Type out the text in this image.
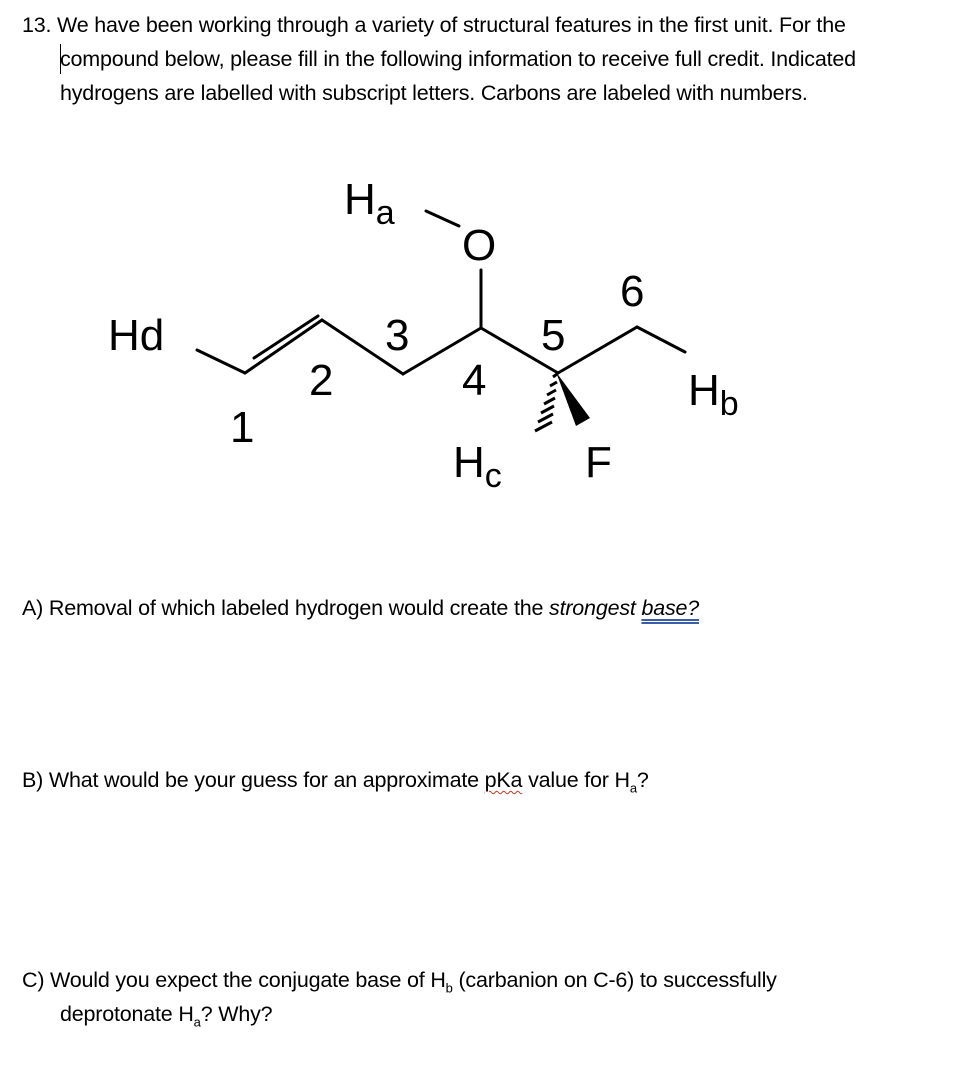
13. We have been working through a variety of structural features in the first unit. For the
compound below, please fill in the following information to receive full credit. Indicated
hydrogens are labelled with subscript letters. Carbons are labeled with numbers.
$H_a$
O
Hd
$H_b$
$H_c$ F
1
2
3
4
5
6
A) Removal of which labeled hydrogen would create the strongest base?
B) What would be your guess for an approximate pKa value for $H_a$?
C) Would you expect the conjugate base of $H_b$ (carbanion on C-6) to successfully
deprotonate $H_a$? Why?
